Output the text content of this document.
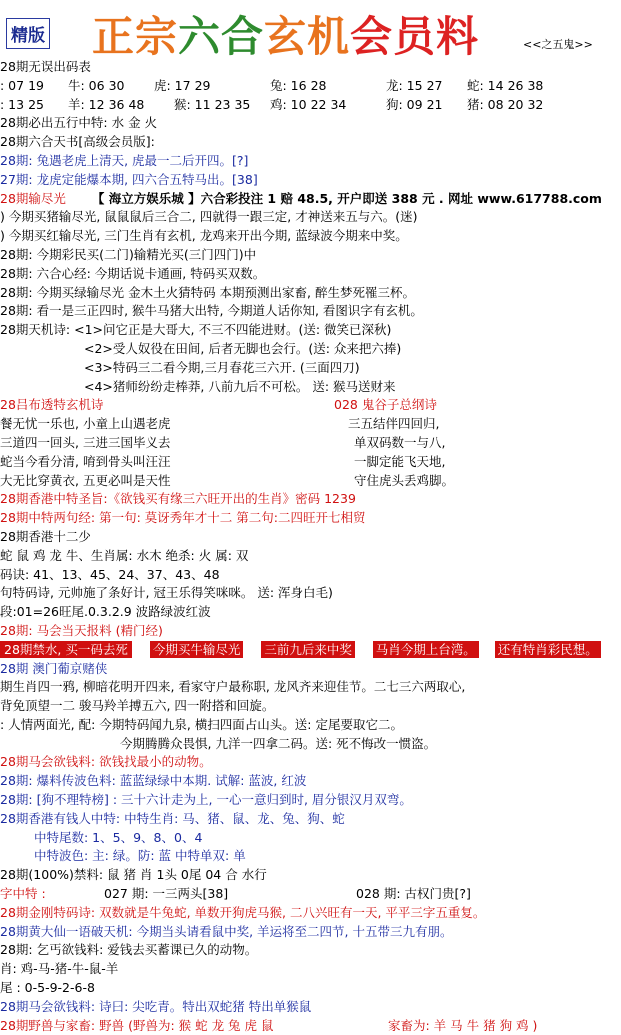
精版 正宗六合玄机会员料	<<之五鬼>>
28期无误出码表
: 07 19 牛: 06 30 虎: 17 29	兔: 16 28	龙: 15 27 蛇: 14 26 38
: 13 25 羊: 12 36 48 猴: 11 23 35 鸡: 10 22 34	狗: 09 21 猪: 08 20 32
28期必出五行中特: 水 金 火
28期六合天书[高级会员版]:
28期: 兔遇老虎上清天, 虎最一二后开四。[?]
27期: 龙虎定能爆本期, 四六合五特马出。[38]
28期输尽光 【 海立方娱乐城 】六合彩投注 1 赔 48.5, 开户即送 388 元 . 网址 www.617788.com
) 今期买猪输尽光, 鼠鼠鼠后三合二, 四就得一跟三定, 才神送来五与六。(迷)
) 今期买红输尽光, 三门生肖有玄机, 龙鸡来开出今期, 蓝绿波今期来中奖。
28期: 今期彩民买(二门)输精光买(三门四门)中
28期: 六合心经: 今期话说卡通画, 特码买双数。
28期: 今期买绿输尽光 金木土火猜特码 本期预测出家畜, 醉生梦死罹三杯。
28期: 看一是三正四时, 猴牛马猪大出特, 今期道人话你知, 看图识字有玄机。
28期天机诗: <1>问它正是大哥大, 不三不四能进财。(送: 微笑已深秋)
<2>受人奴役在田间, 后者无脚也会行。(送: 众来把六捧)
<3>特码三二看今期,三月春花三六开. (三面四刀)
<4>猪师纷纷走棒莽, 八前九后不可松。 送: 猴马送财来
28吕布透特玄机诗	028 鬼谷子总纲诗
餐无忧一乐也, 小童上山遇老虎	三五结伴四回归,
三道四一回头, 三进三国毕义去	单双码数一与八,
蛇当今看分清, 唷到骨头叫汪汪	一脚定能飞天地,
大无比穿黄衣, 五更必叫是天性	守住虎头丢鸡脚。
28期香港中特圣旨:《欲钱买有缘三六旺开出的生肖》密码 1239
28期中特两句经: 第一句: 莫讶秀年才十二 第二句:二四旺开七相贸
28期香港十二少
蛇 鼠 鸡 龙 牛、生肖属: 水木 绝杀: 火 属: 双
码诀: 41、13、45、24、37、43、48
句特码诗, 元帅施了条好计, 冠王乐得笑咪咪。 送: 浑身白毛)
段:01=26旺尾.0.3.2.9 波路绿波红波
28期: 马会当天报料 (精门经)
28期禁水, 买一码去死 今期买牛输尽光 三前九后来中奖 马肖今期上台湾。 还有特肖彩民想。
28期 澳门葡京赌侠
期生肖四一鸦, 柳暗花明开四来, 看家守户最称职, 龙风齐来迎佳节。二七三六两取心,
背免顶望一二 骏马羚羊搏五六, 四一附搭和回旋。
: 人情两面光, 配: 今期特码闻九泉, 横扫四面占山头。送: 定尾要取它二。
今期腾腾众畏惧, 九洋一四拿二码。送: 死不悔改一惯盗。
28期马会欲钱料: 欲钱找最小的动物。
28期: 爆料传波色料: 蓝蓝绿绿中本期. 试解: 蓝波, 红波
28期: [狗不理特榜] : 三十六计走为上, 一心一意归到时, 眉分银汉月双弯。
28期香港有钱人中特: 中特生肖: 马、猪、鼠、龙、兔、狗、蛇
中特尾数: 1、5、9、8、0、4
中特波色: 主: 绿。防: 蓝 中特单双: 单
28期(100%)禁料: 鼠 猪 肖 1头 0尾 04 合 水行
字中特 :	027 期: 一三两头[38]	028 期: 古权门贵[?]
28期金刚特码诗: 双数就是牛兔蛇, 单数开狗虎马猴, 二八兴旺有一天, 平平三字五重复。
28期黄大仙一语破天机: 今期当头请看鼠中奖, 羊运将至二四节, 十五带三九有朋。
28期: 乞丐欲钱料: 爱钱去买蓄课已久的动物。
肖: 鸡-马-猪-牛-鼠-羊
尾 : 0-5-9-2-6-8
28期马会欲钱料: 诗曰: 尖吃青。特出双蛇猪 特出单猴鼠
28期野兽与家畜: 野兽 (野兽为: 猴 蛇 龙 兔 虎 鼠	家畜为: 羊 马 牛 猪 狗 鸡 )
